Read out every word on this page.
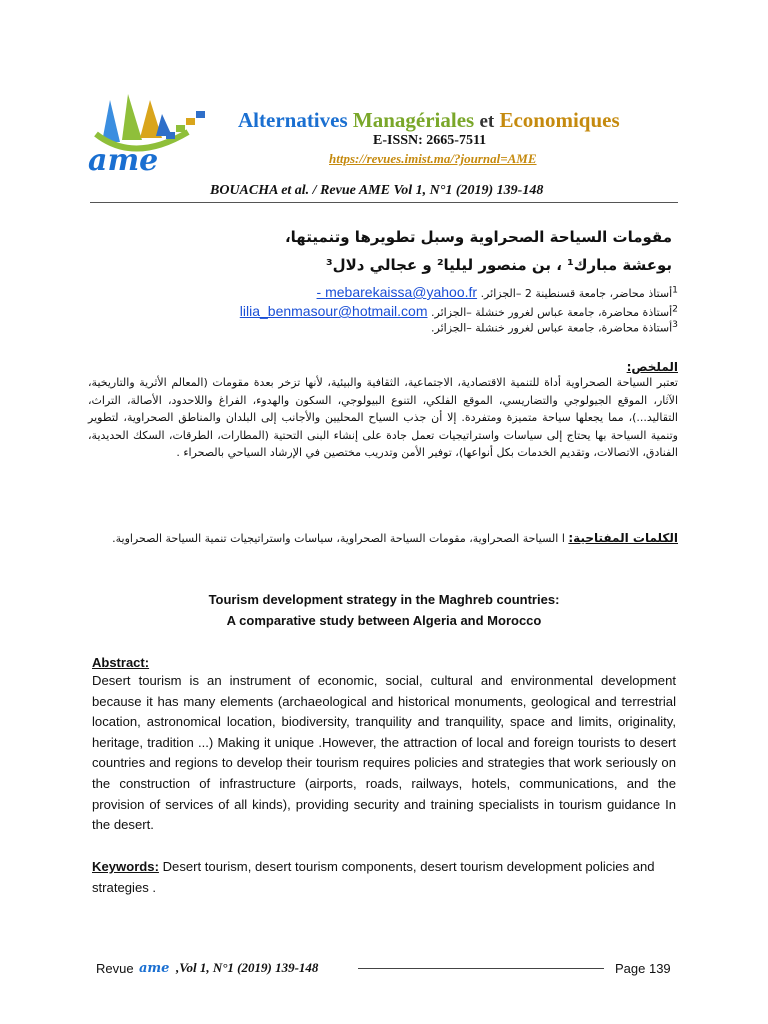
ame
Alternatives Managériales et Economiques
E-ISSN: 2665-7511
https://revues.imist.ma/?journal=AME
BOUACHA et al. / Revue AME Vol 1, N°1 (2019) 139-148
مقومات السياحة الصحراوية وسبل تطويرها وتنميتها،
بوعشة مبارك¹ ، بن منصور ليليا² و عجالي دلال³
$^1$أستاذ محاضر، جامعة قسنطينة 2 –الجزائر. mebarekaissa@yahoo.fr -
$^2$أستاذة محاضرة، جامعة عباس لغرور خنشلة –الجزائر. lilia_benmasour@hotmail.com
$^3$أستاذة محاضرة، جامعة عباس لغرور خنشلة –الجزائر.
الملخص:
تعتبر السياحة الصحراوية أداة للتنمية الاقتصادية، الاجتماعية، الثقافية والبيئية، لأنها تزخر بعدة مقومات (المعالم الأثرية والتاريخية، الآثار، الموقع الجيولوجي والتضاريسي، الموقع الفلكي، التنوع البيولوجي، السكون والهدوء، الفراغ واللاحدود، الأصالة، التراث، التقاليد...)، مما يجعلها سياحة متميزة ومتفردة. إلا أن جذب السياح المحليين والأجانب إلى البلدان والمناطق الصحراوية، لتطوير وتنمية السياحة بها يحتاج إلى سياسات واستراتيجيات تعمل جادة على إنشاء البنى التحتية (المطارات، الطرقات، السكك الحديدية، الفنادق، الاتصالات، وتقديم الخدمات بكل أنواعها)، توفير الأمن وتدريب مختصين في الإرشاد السياحي بالصحراء .
الكلمات المفتاحية: ا السياحة الصحراوية، مقومات السياحة الصحراوية، سياسات واستراتيجيات تنمية السياحة الصحراوية.
Tourism development strategy in the Maghreb countries:
A comparative study between Algeria and Morocco
Abstract:
Desert tourism is an instrument of economic, social, cultural and environmental development because it has many elements (archaeological and historical monuments, geological and terrestrial location, astronomical location, biodiversity, tranquility and tranquility, space and limits, originality, heritage, tradition ...) Making it unique .However, the attraction of local and foreign tourists to desert countries and regions to develop their tourism requires policies and strategies that work seriously on the construction of infrastructure (airports, roads, railways, hotels, communications, and the provision of services of all kinds), providing security and training specialists in tourism guidance In the desert.
Keywords: Desert tourism, desert tourism components, desert tourism development policies and strategies .
Revue ame ,Vol 1, N°1 (2019) 139-148	Page 139
